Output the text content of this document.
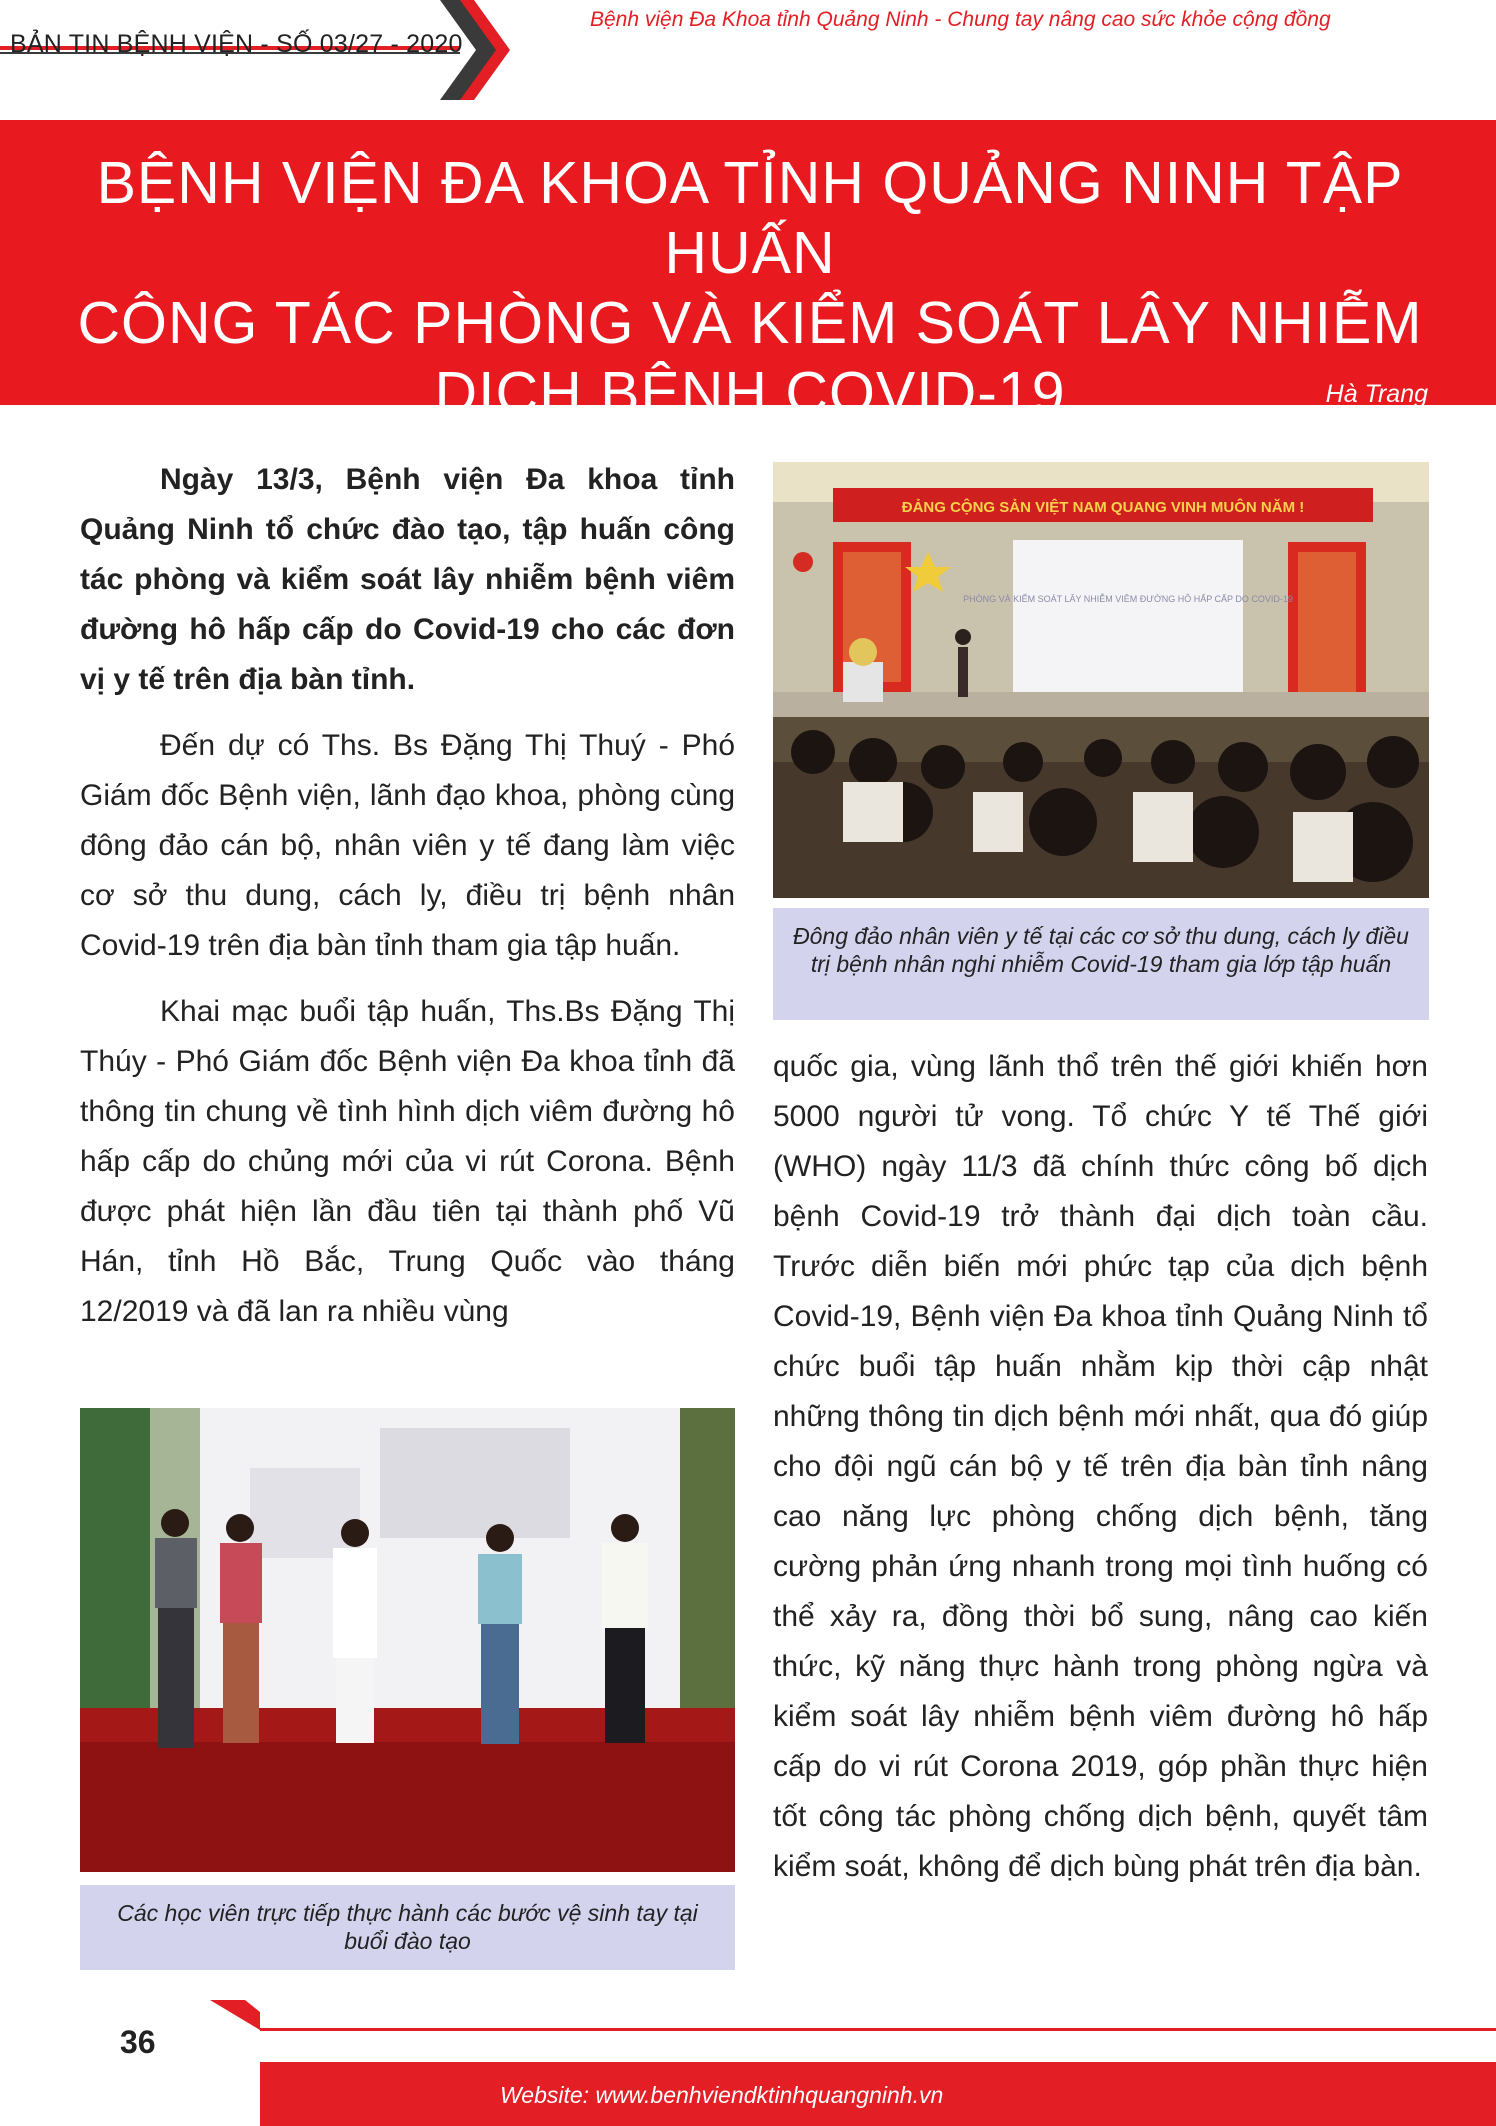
BẢN TIN BỆNH VIỆN - SỐ 03/27 - 2020
Bệnh viện Đa Khoa tỉnh Quảng Ninh - Chung tay nâng cao sức khỏe cộng đồng
BỆNH VIỆN ĐA KHOA TỈNH QUẢNG NINH TẬP HUẤN
CÔNG TÁC PHÒNG VÀ KIỂM SOÁT LÂY NHIỄM
DỊCH BỆNH COVID-19	Hà Trang

Ngày 13/3, Bệnh viện Đa khoa tỉnh Quảng Ninh tổ chức đào tạo, tập huấn công tác phòng và kiểm soát lây nhiễm bệnh viêm đường hô hấp cấp do Covid-19 cho các đơn vị y tế trên địa bàn tỉnh.

Đến dự có Ths. Bs Đặng Thị Thuý - Phó Giám đốc Bệnh viện, lãnh đạo khoa, phòng cùng đông đảo cán bộ, nhân viên y tế đang làm việc cơ sở thu dung, cách ly, điều trị bệnh nhân Covid-19 trên địa bàn tỉnh tham gia tập huấn.

Khai mạc buổi tập huấn, Ths.Bs Đặng Thị Thúy - Phó Giám đốc Bệnh viện Đa khoa tỉnh đã thông tin chung về tình hình dịch viêm đường hô hấp cấp do chủng mới của vi rút Corona. Bệnh được phát hiện lần đầu tiên tại thành phố Vũ Hán, tỉnh Hồ Bắc, Trung Quốc vào tháng 12/2019 và đã lan ra nhiều vùng

ĐẢNG CỘNG SẢN VIỆT NAM QUANG VINH MUÔN NĂM !
PHÒNG VÀ KIỂM SOÁT LÂY NHIỄM VIÊM ĐƯỜNG HÔ HẤP CẤP DO COVID-19
Đông đảo nhân viên y tế tại các cơ sở thu dung, cách ly điều trị bệnh nhân nghi nhiễm Covid-19 tham gia lớp tập huấn

quốc gia, vùng lãnh thổ trên thế giới khiến hơn 5000 người tử vong. Tổ chức Y tế Thế giới (WHO) ngày 11/3 đã chính thức công bố dịch bệnh Covid-19 trở thành đại dịch toàn cầu. Trước diễn biến mới phức tạp của dịch bệnh Covid-19, Bệnh viện Đa khoa tỉnh Quảng Ninh tổ chức buổi tập huấn nhằm kịp thời cập nhật những thông tin dịch bệnh mới nhất, qua đó giúp cho đội ngũ cán bộ y tế trên địa bàn tỉnh nâng cao năng lực phòng chống dịch bệnh, tăng cường phản ứng nhanh trong mọi tình huống có thể xảy ra, đồng thời bổ sung, nâng cao kiến thức, kỹ năng thực hành trong phòng ngừa và kiểm soát lây nhiễm bệnh viêm đường hô hấp cấp do vi rút Corona 2019, góp phần thực hiện tốt công tác phòng chống dịch bệnh, quyết tâm kiểm soát, không để dịch bùng phát trên địa bàn.

Các học viên trực tiếp thực hành các bước vệ sinh tay tại buổi đào tạo
36
Website: www.benhviendktinhquangninh.vn
